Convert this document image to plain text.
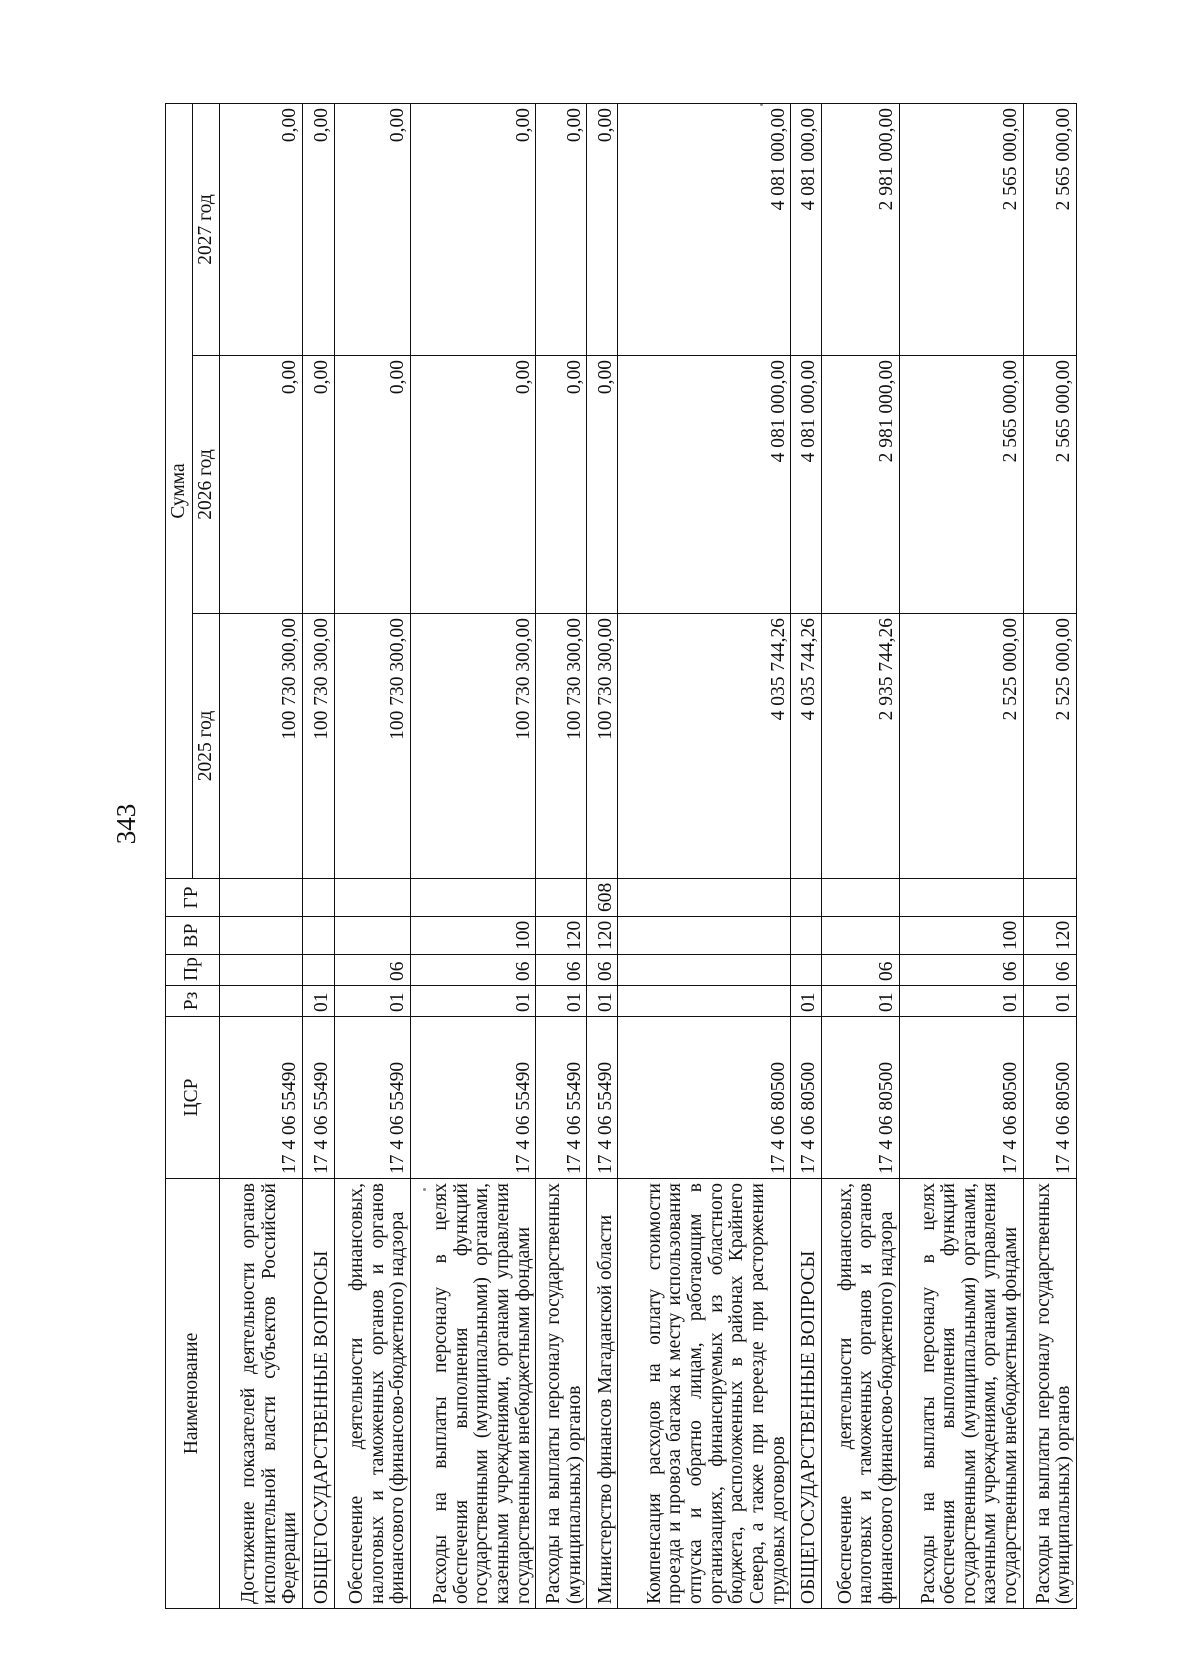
343
Наименование	ЦСР	Рз	Пр	ВР	ГР	Сумма		
						2025 год	2026 год	2027 год
Достижение показателей деятельности органов исполнительной власти субъектов Российской Федерации	17 4 06 55490					100 730 300,00	0,00	0,00
ОБЩЕГОСУДАРСТВЕННЫЕ ВОПРОСЫ	17 4 06 55490	01				100 730 300,00	0,00	0,00
Обеспечение деятельности финансовых, налоговых и таможенных органов и органов финансового (финансово-бюджетного) надзора	17 4 06 55490	01	06			100 730 300,00	0,00	0,00
Расходы на выплаты персоналу в целях обеспечения выполнения функций государственными (муниципальными) органами, казенными учреждениями, органами управления государственными внебюджетными фондами	17 4 06 55490	01	06	100		100 730 300,00	0,00	0,00
Расходы на выплаты персоналу государственных (муниципальных) органов	17 4 06 55490	01	06	120		100 730 300,00	0,00	0,00
Министерство финансов Магаданской области	17 4 06 55490	01	06	120	608	100 730 300,00	0,00	0,00
Компенсация расходов на оплату стоимости проезда и провоза багажа к месту использования отпуска и обратно лицам, работающим в организациях, финансируемых из областного бюджета, расположенных в районах Крайнего Севера, а также при переезде при расторжении трудовых договоров	17 4 06 80500					4 035 744,26	4 081 000,00	4 081 000,00
ОБЩЕГОСУДАРСТВЕННЫЕ ВОПРОСЫ	17 4 06 80500	01				4 035 744,26	4 081 000,00	4 081 000,00
Обеспечение деятельности финансовых, налоговых и таможенных органов и органов финансового (финансово-бюджетного) надзора	17 4 06 80500	01	06			2 935 744,26	2 981 000,00	2 981 000,00
Расходы на выплаты персоналу в целях обеспечения выполнения функций государственными (муниципальными) органами, казенными учреждениями, органами управления государственными внебюджетными фондами	17 4 06 80500	01	06	100		2 525 000,00	2 565 000,00	2 565 000,00
Расходы на выплаты персоналу государственных (муниципальных) органов	17 4 06 80500	01	06	120		2 525 000,00	2 565 000,00	2 565 000,00
